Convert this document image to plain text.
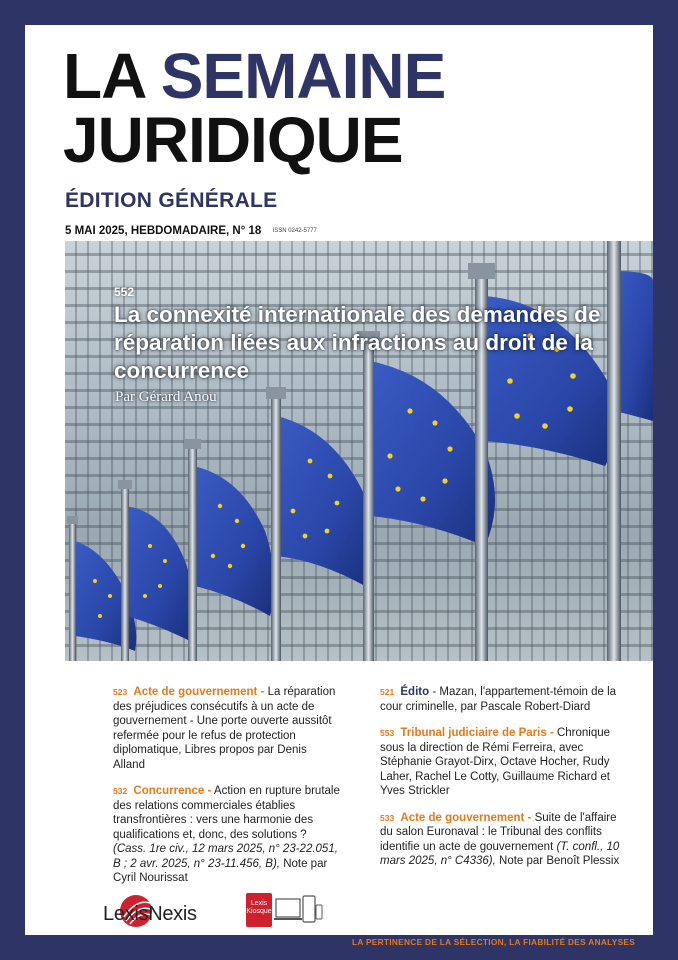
LA SEMAINE
JURIDIQUE
ÉDITION GÉNÉRALE
5 MAI 2025, HEBDOMADAIRE, N° 18 ISSN 0242-5777
552
La connexité internationale des demandes de réparation liées aux infractions au droit de la concurrence
Par Gérard Anou
523 Acte de gouvernement - La réparation des préjudices consécutifs à un acte de gouvernement - Une porte ouverte aussitôt refermée pour le refus de protection diplomatique, Libres propos par Denis Alland
532 Concurrence - Action en rupture brutale des relations commerciales établies transfrontières : vers une harmonie des qualifications et, donc, des solutions ? (Cass. 1re civ., 12 mars 2025, n° 23-22.051, B ; 2 avr. 2025, n° 23-11.456, B), Note par Cyril Nourissat
521 Édito - Mazan, l'appartement-témoin de la cour criminelle, par Pascale Robert-Diard
553 Tribunal judiciaire de Paris - Chronique sous la direction de Rémi Ferreira, avec Stéphanie Grayot-Dirx, Octave Hocher, Rudy Laher, Rachel Le Cotty, Guillaume Richard et Yves Strickler
533 Acte de gouvernement - Suite de l'affaire du salon Euronaval : le Tribunal des conflits identifie un acte de gouvernement (T. confl., 10 mars 2025, n° C4336), Note par Benoît Plessix
LexisNexis	Lexis
Kiosque
LA PERTINENCE DE LA SÉLECTION, LA FIABILITÉ DES ANALYSES
